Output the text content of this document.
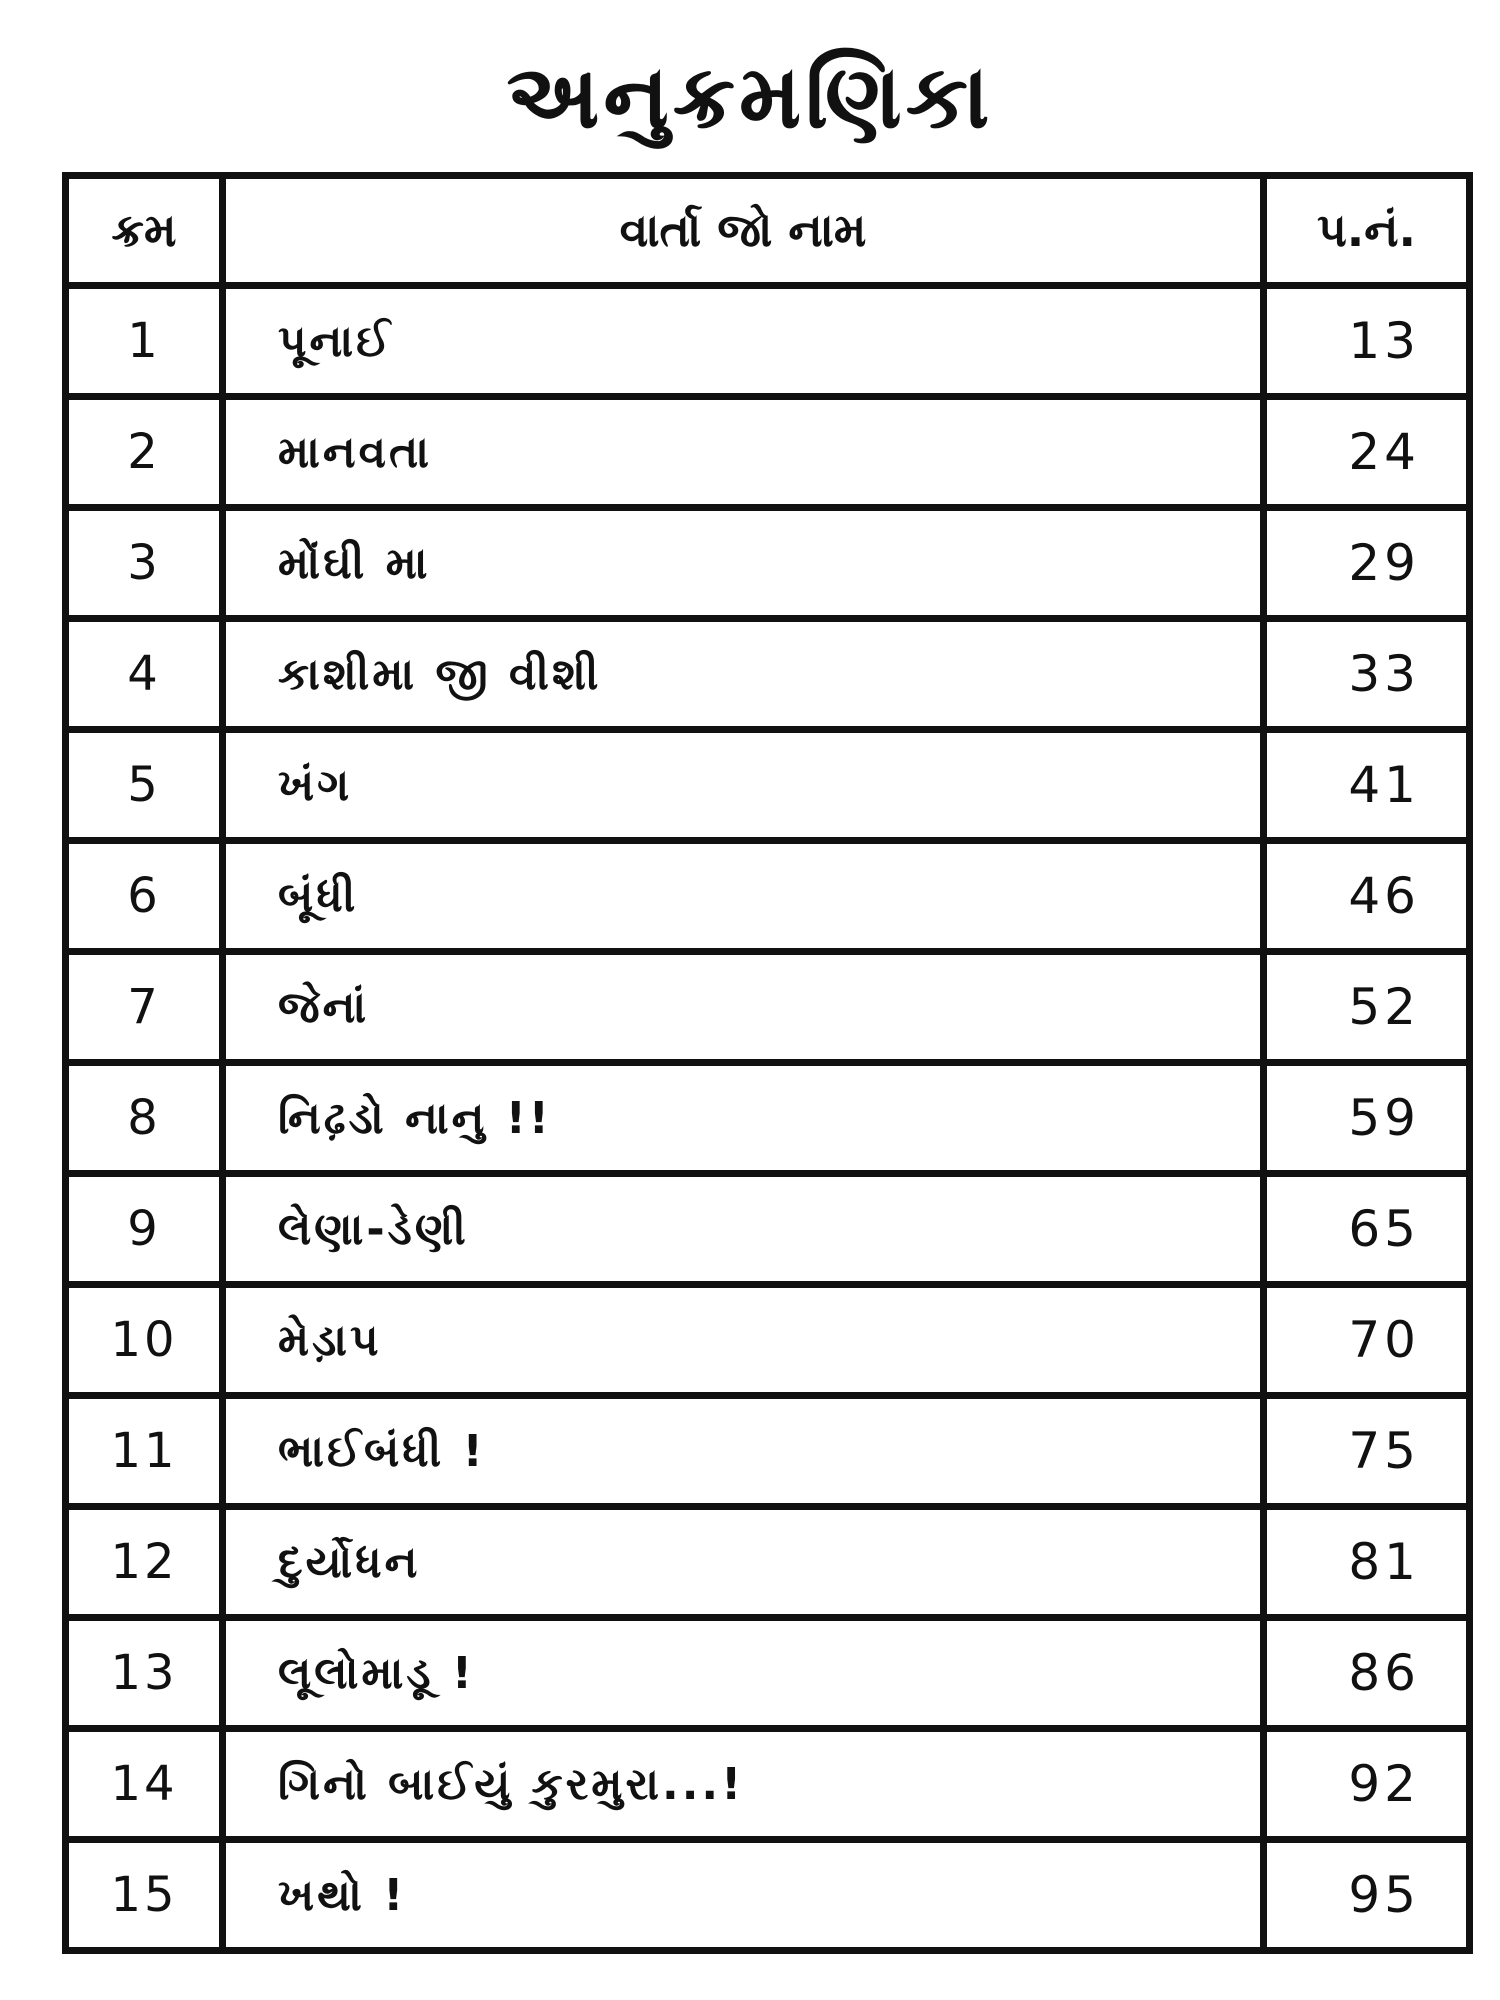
અનુક્રમણિકા
ક્રમ	વાર્તા જો નામ	પ.નં.
1	પૂનાઈ	13
2	માનવતા	24
3	મોંઘી મા	29
4	કાશીમા જી વીશી	33
5	ખંગ	41
6	બૂંધી	46
7	જેનાં	52
8	નિઢ઼ડો નાનુ !!	59
9	લેણા-ડેણી	65
10	મેડ઼ાપ	70
11	ભાઈબંધી !	75
12	દુર્યોધન	81
13	લૂલોમાડૂ !	86
14	ગિનો બાઈયું કુરમુરા...!	92
15	ખથો !	95
